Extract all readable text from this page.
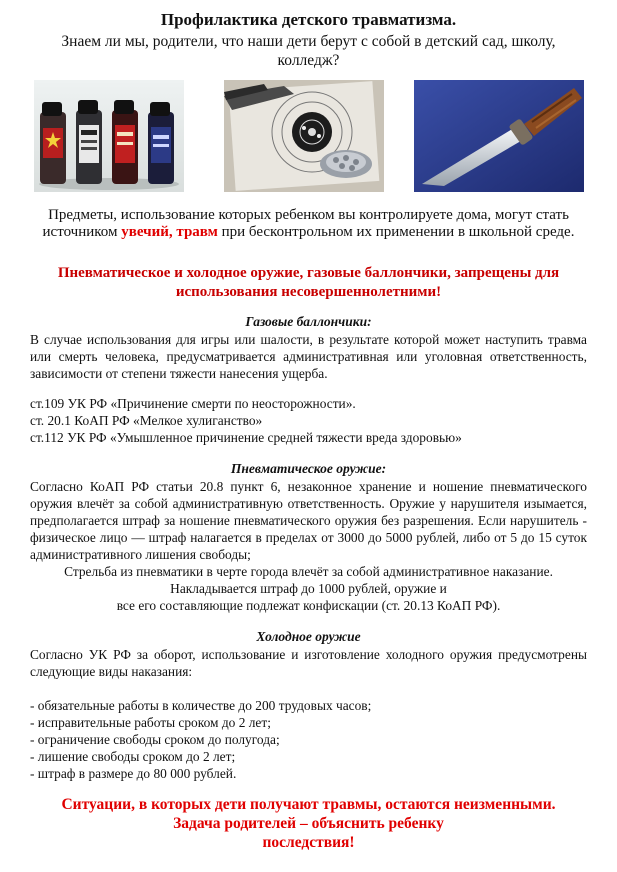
Профилактика детского травматизма.
Знаем ли мы, родители, что наши дети берут с собой в детский сад, школу, колледж?
Предметы, использование которых ребенком вы контролируете дома, могут стать источником увечий, травм при бесконтрольном их применении в школьной среде.
Пневматическое и холодное оружие, газовые баллончики, запрещены для использования несовершеннолетними!
Газовые баллончики:
В случае использования для игры или шалости, в результате которой может наступить травма или смерть человека, предусматривается административная или уголовная ответственность, зависимости от степени тяжести нанесения ущерба.
ст.109 УК РФ «Причинение смерти по неосторожности».
ст. 20.1 КоАП РФ «Мелкое хулиганство»
ст.112 УК РФ «Умышленное причинение средней тяжести вреда здоровью»
Пневматическое оружие:
Согласно КоАП РФ статьи 20.8 пункт 6, незаконное хранение и ношение пневматического оружия влечёт за собой административную ответственность. Оружие у нарушителя изымается, предполагается штраф за ношение пневматического оружия без разрешения. Если нарушитель - физическое лицо — штраф налагается в пределах от 3000 до 5000 рублей, либо от 5 до 15 суток административного лишения свободы;
Стрельба из пневматики в черте города влечёт за собой административное наказание.
Накладывается штраф до 1000 рублей, оружие и
все его составляющие подлежат конфискации (ст. 20.13 КоАП РФ).
Холодное оружие
Согласно УК РФ за оборот, использование и изготовление холодного оружия предусмотрены следующие виды наказания:
- обязательные работы в количестве до 200 трудовых часов;
- исправительные работы сроком до 2 лет;
- ограничение свободы сроком до полугода;
- лишение свободы сроком до 2 лет;
- штраф в размере до 80 000 рублей.
Ситуации, в которых дети получают травмы, остаются неизменными.
Задача родителей – объяснить ребенку
последствия!
